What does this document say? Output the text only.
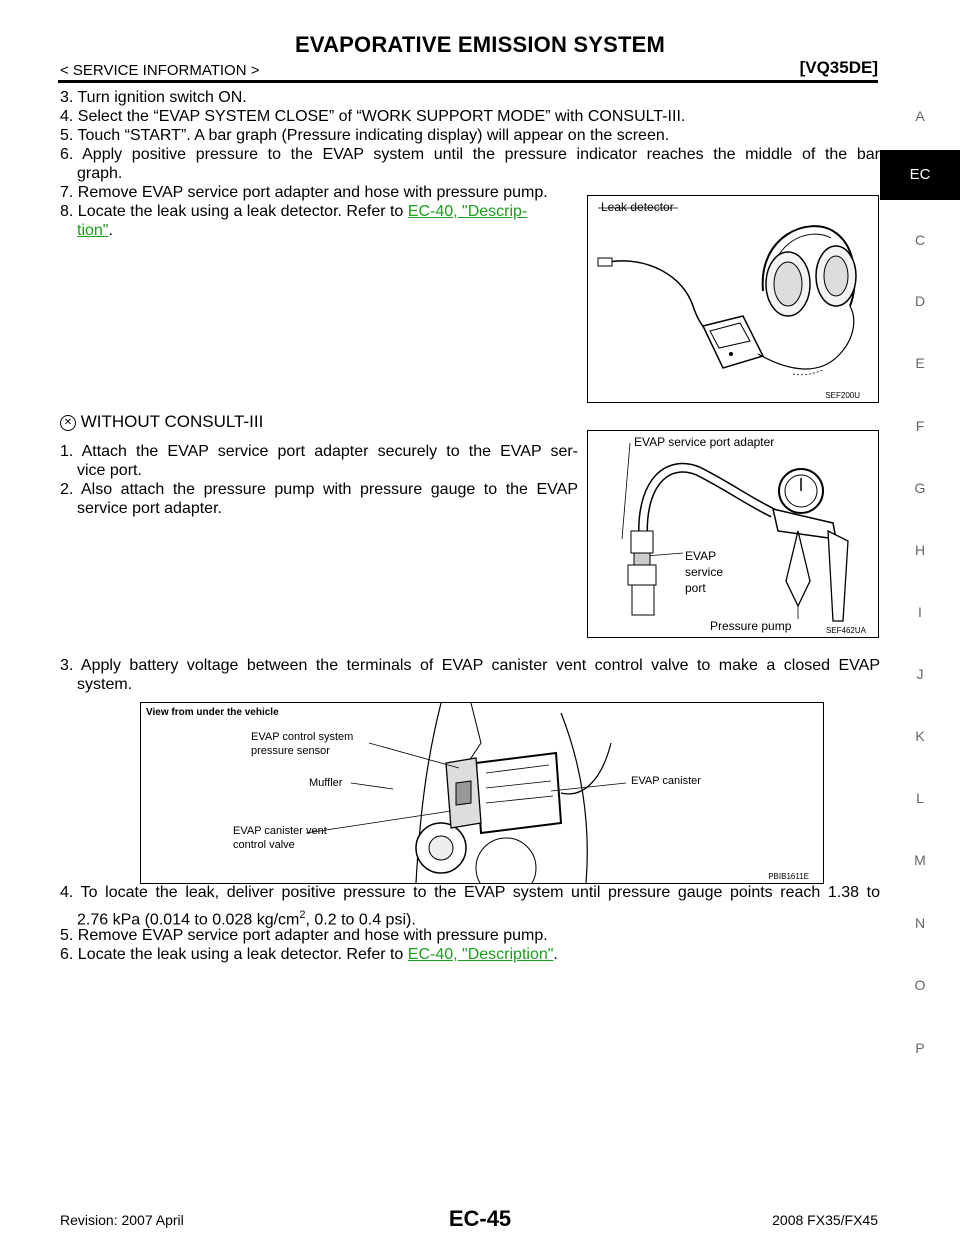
EVAPORATIVE EMISSION SYSTEM
< SERVICE INFORMATION >	[VQ35DE]
A
EC
C
D
E
F
G
H
I
J
K
L
M
N
O
P
3. Turn ignition switch ON.
4. Select the “EVAP SYSTEM CLOSE” of “WORK SUPPORT MODE” with CONSULT-III.
5. Touch “START”. A bar graph (Pressure indicating display) will appear on the screen.
6. Apply positive pressure to the EVAP system until the pressure indicator reaches the middle of the bar
graph.
7. Remove EVAP service port adapter and hose with pressure pump.
8. Locate the leak using a leak detector. Refer to EC-40, "Descrip-
tion".
Leak detector
SEF200U
✕ WITHOUT CONSULT-III
1. Attach the EVAP service port adapter securely to the EVAP ser-
vice port.
2. Also attach the pressure pump with pressure gauge to the EVAP
service port adapter.
EVAP service port adapter
EVAP
service
port
Pressure pump	SEF462UA
3. Apply battery voltage between the terminals of EVAP canister vent control valve to make a closed EVAP
system.
View from under the vehicle
EVAP control system
pressure sensor
Muffler	EVAP canister
EVAP canister vent
control valve
PBIB1611E
4. To locate the leak, deliver positive pressure to the EVAP system until pressure gauge points reach 1.38 to
2.76 kPa (0.014 to 0.028 $kg/cm^2$, 0.2 to 0.4 psi).
5. Remove EVAP service port adapter and hose with pressure pump.
6. Locate the leak using a leak detector. Refer to EC-40, "Description".
Revision: 2007 April	EC-45	2008 FX35/FX45
